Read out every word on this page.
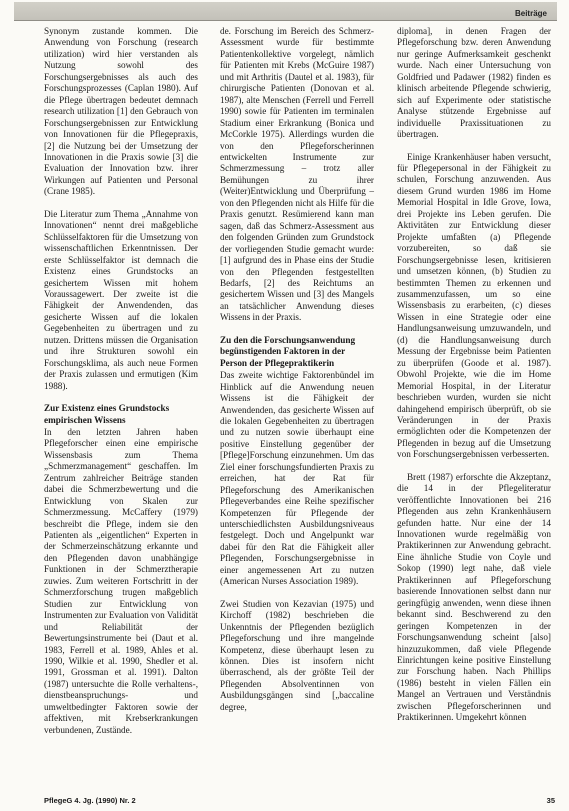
Beiträge

Synonym zustande kommen. Die Anwendung von Forschung (research utilization) wird hier verstanden als Nutzung sowohl des Forschungsergebnisses als auch des Forschungsprozesses (Caplan 1980). Auf die Pflege übertragen bedeutet demnach research utilization [1] den Gebrauch von Forschungsergebnissen zur Entwicklung von Innovationen für die Pflegepraxis, [2] die Nutzung bei der Umsetzung der Innovationen in die Praxis sowie [3] die Evaluation der Innovation bzw. ihrer Wirkungen auf Patienten und Personal (Crane 1985).

Die Literatur zum Thema „Annahme von Innovationen“ nennt drei maßgebliche Schlüsselfaktoren für die Umsetzung von wissenschaftlichen Erkenntnissen. Der erste Schlüsselfaktor ist demnach die Existenz eines Grundstocks an gesichertem Wissen mit hohem Voraussagewert. Der zweite ist die Fähigkeit der Anwendenden, das gesicherte Wissen auf die lokalen Gegebenheiten zu übertragen und zu nutzen. Drittens müssen die Organisation und ihre Strukturen sowohl ein Forschungsklima, als auch neue Formen der Praxis zulassen und ermutigen (Kim 1988).

Zur Existenz eines Grundstocks empirischen Wissens

In den letzten Jahren haben Pflegeforscher einen eine empirische Wissensbasis zum Thema „Schmerzmanagement“ geschaffen. Im Zentrum zahlreicher Beiträge standen dabei die Schmerzbewertung und die Entwicklung von Skalen zur Schmerzmessung. McCaffery (1979) beschreibt die Pflege, indem sie den Patienten als „eigentlichen“ Experten in der Schmerzeinschätzung erkannte und den Pflegenden davon unabhängige Funktionen in der Schmerztherapie zuwies. Zum weiteren Fortschritt in der Schmerzforschung trugen maßgeblich Studien zur Entwicklung von Instrumenten zur Evaluation von Validität und Reliabilität der Bewertungsinstrumente bei (Daut et al. 1983, Ferrell et al. 1989, Ahles et al. 1990, Wilkie et al. 1990, Shedler et al. 1991, Grossman et al. 1991). Dalton (1987) untersuchte die Rolle verhaltens-, dienstbeanspruchungs- und umweltbedingter Faktoren sowie der affektiven, mit Krebserkrankungen verbundenen, Zustände.

de. Forschung im Bereich des Schmerz-Assessment wurde für bestimmte Patientenkollektive vorgelegt, nämlich für Patienten mit Krebs (McGuire 1987) und mit Arthritis (Dautel et al. 1983), für chirurgische Patienten (Donovan et al. 1987), alte Menschen (Ferrell und Ferrell 1990) sowie für Patienten im terminalen Stadium einer Erkrankung (Bonica und McCorkle 1975). Allerdings wurden die von den Pflegeforscherinnen entwickelten Instrumente zur Schmerzmessung – trotz aller Bemühungen zu ihrer (Weiter)Entwicklung und Überprüfung – von den Pflegenden nicht als Hilfe für die Praxis genutzt. Resümierend kann man sagen, daß das Schmerz-Assessment aus den folgenden Gründen zum Grundstock der vorliegenden Studie gemacht wurde: [1] aufgrund des in Phase eins der Studie von den Pflegenden festgestellten Bedarfs, [2] des Reichtums an gesichertem Wissen und [3] des Mangels an tatsächlicher Anwendung dieses Wissens in der Praxis.

Zu den die Forschungsanwendung begünstigenden Faktoren in der Person der Pflegepraktikerin

Das zweite wichtige Faktorenbündel im Hinblick auf die Anwendung neuen Wissens ist die Fähigkeit der Anwendenden, das gesicherte Wissen auf die lokalen Gegebenheiten zu übertragen und zu nutzen sowie überhaupt eine positive Einstellung gegenüber der [Pflege]Forschung einzunehmen. Um das Ziel einer forschungsfundierten Praxis zu erreichen, hat der Rat für Pflegeforschung des Amerikanischen Pflegeverbandes eine Reihe spezifischer Kompetenzen für Pflegende der unterschiedlichsten Ausbildungsniveaus festgelegt. Doch und Angelpunkt war dabei für den Rat die Fähigkeit aller Pflegenden, Forschungsergebnisse in einer angemessenen Art zu nutzen (American Nurses Association 1989).

Zwei Studien von Kezavian (1975) und Kirchoff (1982) beschrieben die Unkenntnis der Pflegenden bezüglich Pflegeforschung und ihre mangelnde Kompetenz, diese überhaupt lesen zu können. Dies ist insofern nicht überraschend, als der größte Teil der Pflegenden Absolventinnen von Ausbildungsgängen sind [„baccaline degree,

diploma], in denen Fragen der Pflegeforschung bzw. deren Anwendung nur geringe Aufmerksamkeit geschenkt wurde. Nach einer Untersuchung von Goldfried und Padawer (1982) finden es klinisch arbeitende Pflegende schwierig, sich auf Experimente oder statistische Analyse stützende Ergebnisse auf individuelle Praxissituationen zu übertragen.

Einige Krankenhäuser haben versucht, für Pflegepersonal in der Fähigkeit zu schulen, Forschung anzuwenden. Aus diesem Grund wurden 1986 im Home Memorial Hospital in Idle Grove, Iowa, drei Projekte ins Leben gerufen. Die Aktivitäten zur Entwicklung dieser Projekte umfaßten (a) Pflegende vorzubereiten, so daß sie Forschungsergebnisse lesen, kritisieren und umsetzen können, (b) Studien zu bestimmten Themen zu erkennen und zusammenzufassen, um so eine Wissensbasis zu erarbeiten, (c) dieses Wissen in eine Strategie oder eine Handlungsanweisung umzuwandeln, und (d) die Handlungsanweisung durch Messung der Ergebnisse beim Patienten zu überprüfen (Goode et al. 1987). Obwohl Projekte, wie die im Home Memorial Hospital, in der Literatur beschrieben wurden, wurden sie nicht dahingehend empirisch überprüft, ob sie Veränderungen in der Praxis ermöglichten oder die Kompetenzen der Pflegenden in bezug auf die Umsetzung von Forschungsergebnissen verbesserten.

Brett (1987) erforschte die Akzeptanz, die 14 in der Pflegeliteratur veröffentlichte Innovationen bei 216 Pflegenden aus zehn Krankenhäusern gefunden hatte. Nur eine der 14 Innovationen wurde regelmäßig von Praktikerinnen zur Anwendung gebracht. Eine ähnliche Studie von Coyle und Sokop (1990) legt nahe, daß viele Praktikerinnen auf Pflegeforschung basierende Innovationen selbst dann nur geringfügig anwenden, wenn diese ihnen bekannt sind. Beschwerend zu den geringen Kompetenzen in der Forschungsanwendung scheint [also] hinzuzukommen, daß viele Pflegende Einrichtungen keine positive Einstellung zur Forschung haben. Nach Phillips (1986) besteht in vielen Fällen ein Mangel an Vertrauen und Verständnis zwischen Pflegeforscherinnen und Praktikerinnen. Umgekehrt können

PflegeG 4. Jg. (1990) Nr. 2	35
